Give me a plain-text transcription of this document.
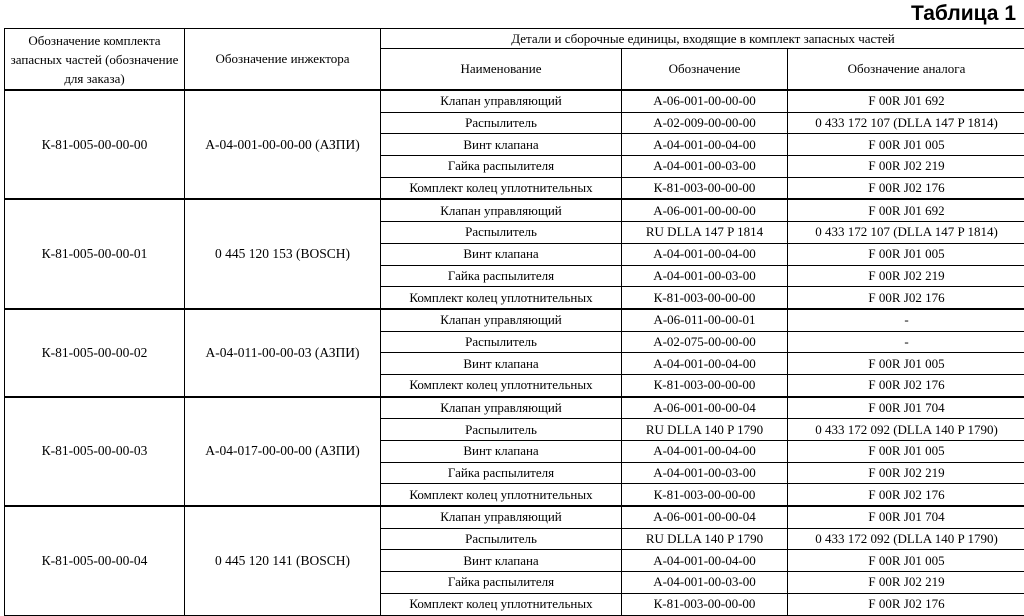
Таблица 1
Обозначение комплекта запасных частей (обозначение для заказа)	Обозначение инжектора	Детали и сборочные единицы, входящие в комплект запасных частей		
		Наименование	Обозначение	Обозначение аналога
К-81-005-00-00-00	А-04-001-00-00-00 (АЗПИ)	Клапан управляющий	А-06-001-00-00-00	F 00R J01 692
		Распылитель	А-02-009-00-00-00	0 433 172 107 (DLLA 147 P 1814)
		Винт клапана	А-04-001-00-04-00	F 00R J01 005
		Гайка распылителя	А-04-001-00-03-00	F 00R J02 219
		Комплект колец уплотнительных	К-81-003-00-00-00	F 00R J02 176
К-81-005-00-00-01	0 445 120 153 (BOSCH)	Клапан управляющий	А-06-001-00-00-00	F 00R J01 692
		Распылитель	RU DLLA 147 P 1814	0 433 172 107 (DLLA 147 P 1814)
		Винт клапана	А-04-001-00-04-00	F 00R J01 005
		Гайка распылителя	А-04-001-00-03-00	F 00R J02 219
		Комплект колец уплотнительных	К-81-003-00-00-00	F 00R J02 176
К-81-005-00-00-02	А-04-011-00-00-03 (АЗПИ)	Клапан управляющий	А-06-011-00-00-01	-
		Распылитель	А-02-075-00-00-00	-
		Винт клапана	А-04-001-00-04-00	F 00R J01 005
		Комплект колец уплотнительных	К-81-003-00-00-00	F 00R J02 176
К-81-005-00-00-03	А-04-017-00-00-00 (АЗПИ)	Клапан управляющий	А-06-001-00-00-04	F 00R J01 704
		Распылитель	RU DLLA 140 P 1790	0 433 172 092 (DLLA 140 P 1790)
		Винт клапана	А-04-001-00-04-00	F 00R J01 005
		Гайка распылителя	А-04-001-00-03-00	F 00R J02 219
		Комплект колец уплотнительных	К-81-003-00-00-00	F 00R J02 176
К-81-005-00-00-04	0 445 120 141 (BOSCH)	Клапан управляющий	А-06-001-00-00-04	F 00R J01 704
		Распылитель	RU DLLA 140 P 1790	0 433 172 092 (DLLA 140 P 1790)
		Винт клапана	А-04-001-00-04-00	F 00R J01 005
		Гайка распылителя	А-04-001-00-03-00	F 00R J02 219
		Комплект колец уплотнительных	К-81-003-00-00-00	F 00R J02 176
